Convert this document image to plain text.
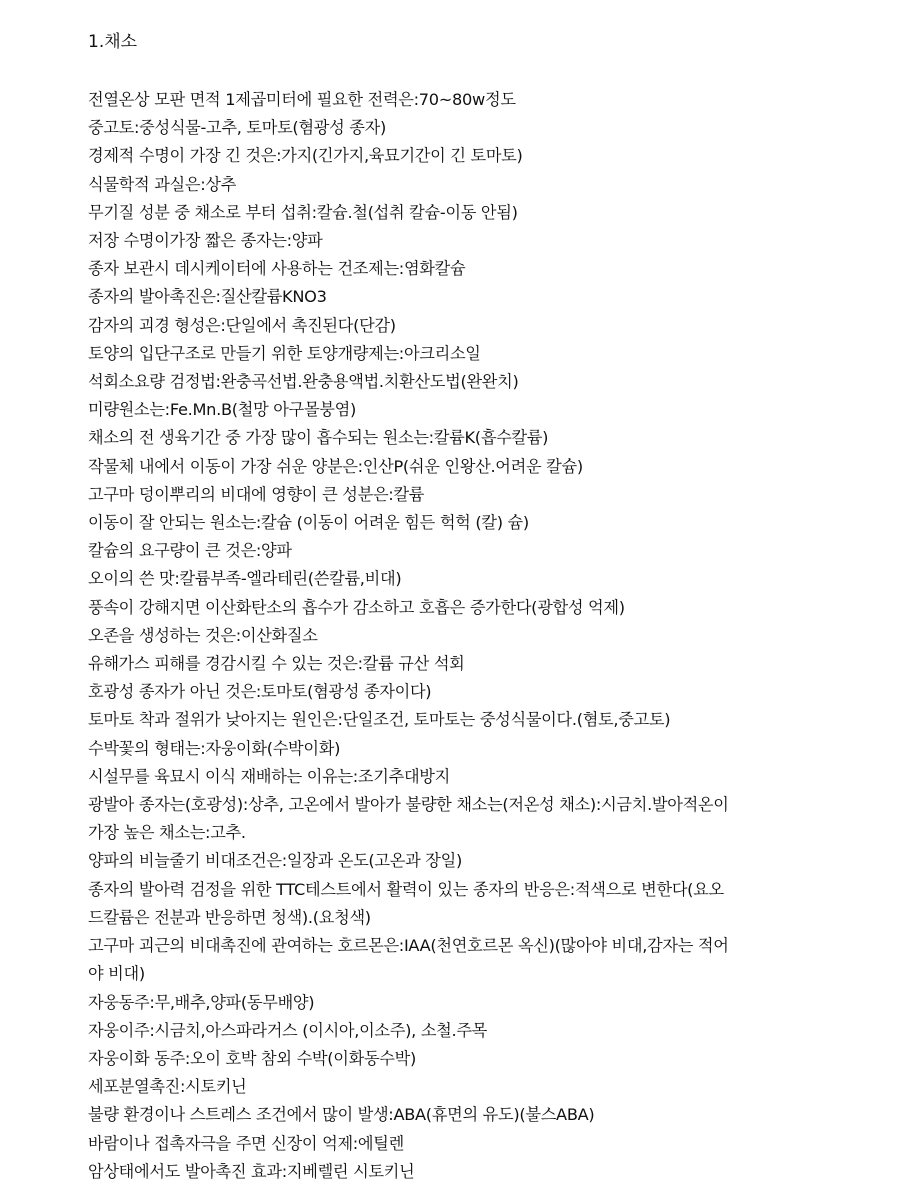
1.채소
전열온상 모판 면적 1제곱미터에 필요한 전력은:70~80w정도
중고토:중성식물-고추, 토마토(혐광성 종자)
경제적 수명이 가장 긴 것은:가지(긴가지,육묘기간이 긴 토마토)
식물학적 과실은:상추
무기질 성분 중 채소로 부터 섭취:칼슘.철(섭취 칼슘-이동 안됨)
저장 수명이가장 짧은 종자는:양파
종자 보관시 데시케이터에 사용하는 건조제는:염화칼슘
종자의 발아촉진은:질산칼륨KNO3
감자의 괴경 형성은:단일에서 촉진된다(단감)
토양의 입단구조로 만들기 위한 토양개량제는:아크리소일
석회소요량 검정법:완충곡선법.완충용액법.치환산도법(완완치)
미량원소는:Fe.Mn.B(철망 아구몰붕염)
채소의 전 생육기간 중 가장 많이 흡수되는 원소는:칼륨K(흡수칼륨)
작물체 내에서 이동이 가장 쉬운 양분은:인산P(쉬운 인왕산.어려운 칼슘)
고구마 덩이뿌리의 비대에 영향이 큰 성분은:칼륨
이동이 잘 안되는 원소는:칼슘 (이동이 어려운 힘든 헉헉 (칼) 슘)
칼슘의 요구량이 큰 것은:양파
오이의 쓴 맛:칼륨부족-엘라테린(쓴칼륨,비대)
풍속이 강해지면 이산화탄소의 흡수가 감소하고 호흡은 증가한다(광합성 억제)
오존을 생성하는 것은:이산화질소
유해가스 피해를 경감시킬 수 있는 것은:칼륨 규산 석회
호광성 종자가 아닌 것은:토마토(혐광성 종자이다)
토마토 착과 절위가 낮아지는 원인은:단일조건, 토마토는 중성식물이다.(혐토,중고토)
수박꽃의 형태는:자웅이화(수박이화)
시설무를 육묘시 이식 재배하는 이유는:조기추대방지
광발아 종자는(호광성):상추, 고온에서 발아가 불량한 채소는(저온성 채소):시금치.발아적온이
가장 높은 채소는:고추.
양파의 비늘줄기 비대조건은:일장과 온도(고온과 장일)
종자의 발아력 검정을 위한 TTC테스트에서 활력이 있는 종자의 반응은:적색으로 변한다(요오
드칼륨은 전분과 반응하면 청색).(요청색)
고구마 괴근의 비대촉진에 관여하는 호르몬은:IAA(천연호르몬 옥신)(많아야 비대,감자는 적어
야 비대)
자웅동주:무,배추,양파(동무배양)
자웅이주:시금치,아스파라거스 (이시아,이소주), 소철.주목
자웅이화 동주:오이 호박 참외 수박(이화동수박)
세포분열촉진:시토키닌
불량 환경이나 스트레스 조건에서 많이 발생:ABA(휴면의 유도)(불스ABA)
바람이나 접촉자극을 주면 신장이 억제:에틸렌
암상태에서도 발아촉진 효과:지베렐린 시토키닌
